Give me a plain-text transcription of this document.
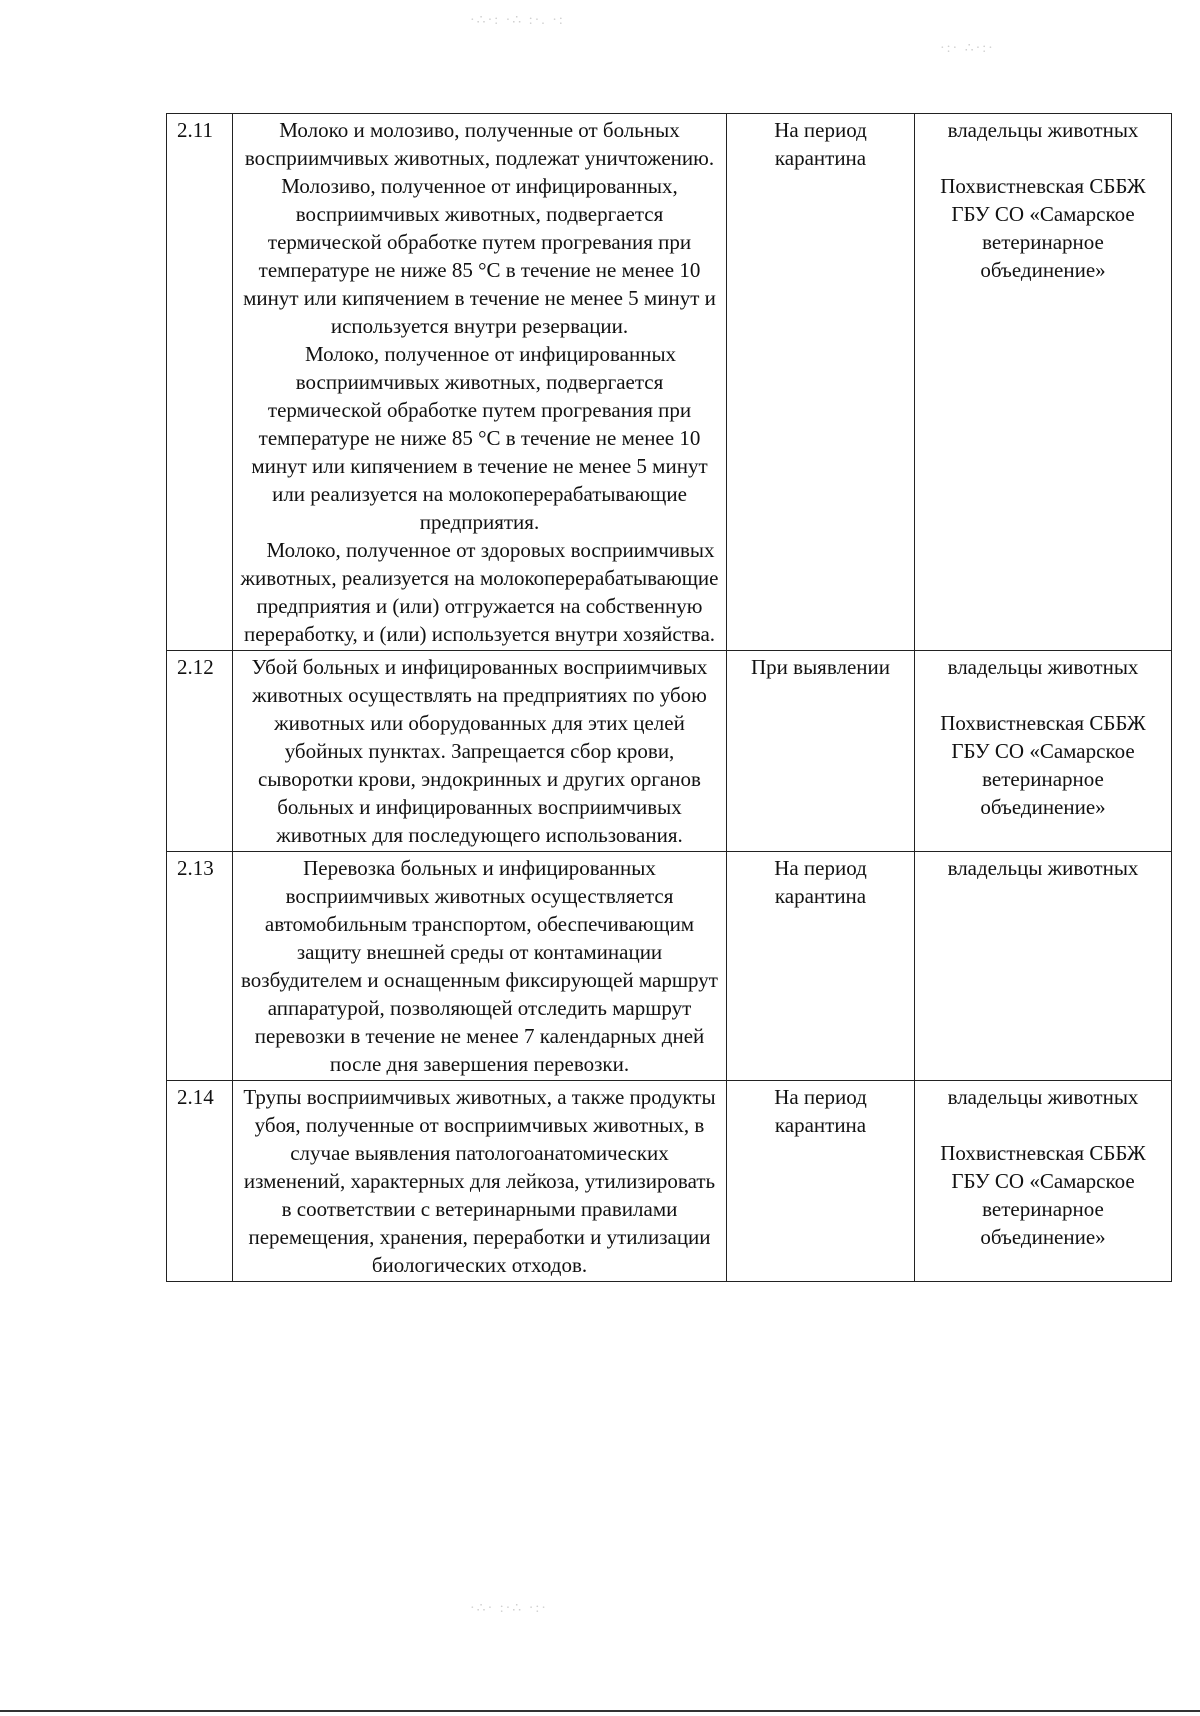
·∴·: ·∴ :·. ·:
·:· ∴·:·
·∴· :·∴ ·:·
2.11	Молоко и молозиво, полученные от больных восприимчивых животных, подлежат уничтожению. Молозиво, полученное от инфицированных, восприимчивых животных, подвергается термической обработке путем прогревания при температуре не ниже 85 °С в течение не менее 10 минут или кипячением в течение не менее 5 минут и используется внутри резервации.
Молоко, полученное от инфицированных восприимчивых животных, подвергается термической обработке путем прогревания при температуре не ниже 85 °С в течение не менее 10 минут или кипячением в течение не менее 5 минут или реализуется на молокоперерабатывающие предприятия.
Молоко, полученное от здоровых восприимчивых животных, реализуется на молокоперерабатывающие предприятия и (или) отгружается на собственную переработку, и (или) используется внутри хозяйства.	На период карантина	владельцы животных
Похвистневская СББЖ ГБУ СО «Самарское ветеринарное объединение»

2.12	Убой больных и инфицированных восприимчивых животных осуществлять на предприятиях по убою животных или оборудованных для этих целей убойных пунктах. Запрещается сбор крови, сыворотки крови, эндокринных и других органов больных и инфицированных восприимчивых животных для последующего использования.	При выявлении	владельцы животных
Похвистневская СББЖ ГБУ СО «Самарское ветеринарное объединение»

2.13	Перевозка больных и инфицированных восприимчивых животных осуществляется автомобильным транспортом, обеспечивающим защиту внешней среды от контаминации возбудителем и оснащенным фиксирующей маршрут аппаратурой, позволяющей отследить маршрут перевозки в течение не менее 7 календарных дней после дня завершения перевозки.	На период карантина	владельцы животных

2.14	Трупы восприимчивых животных, а также продукты убоя, полученные от восприимчивых животных, в случае выявления патологоанатомических изменений, характерных для лейкоза, утилизировать в соответствии с ветеринарными правилами перемещения, хранения, переработки и утилизации биологических отходов.	На период карантина	владельцы животных
Похвистневская СББЖ ГБУ СО «Самарское ветеринарное объединение»
